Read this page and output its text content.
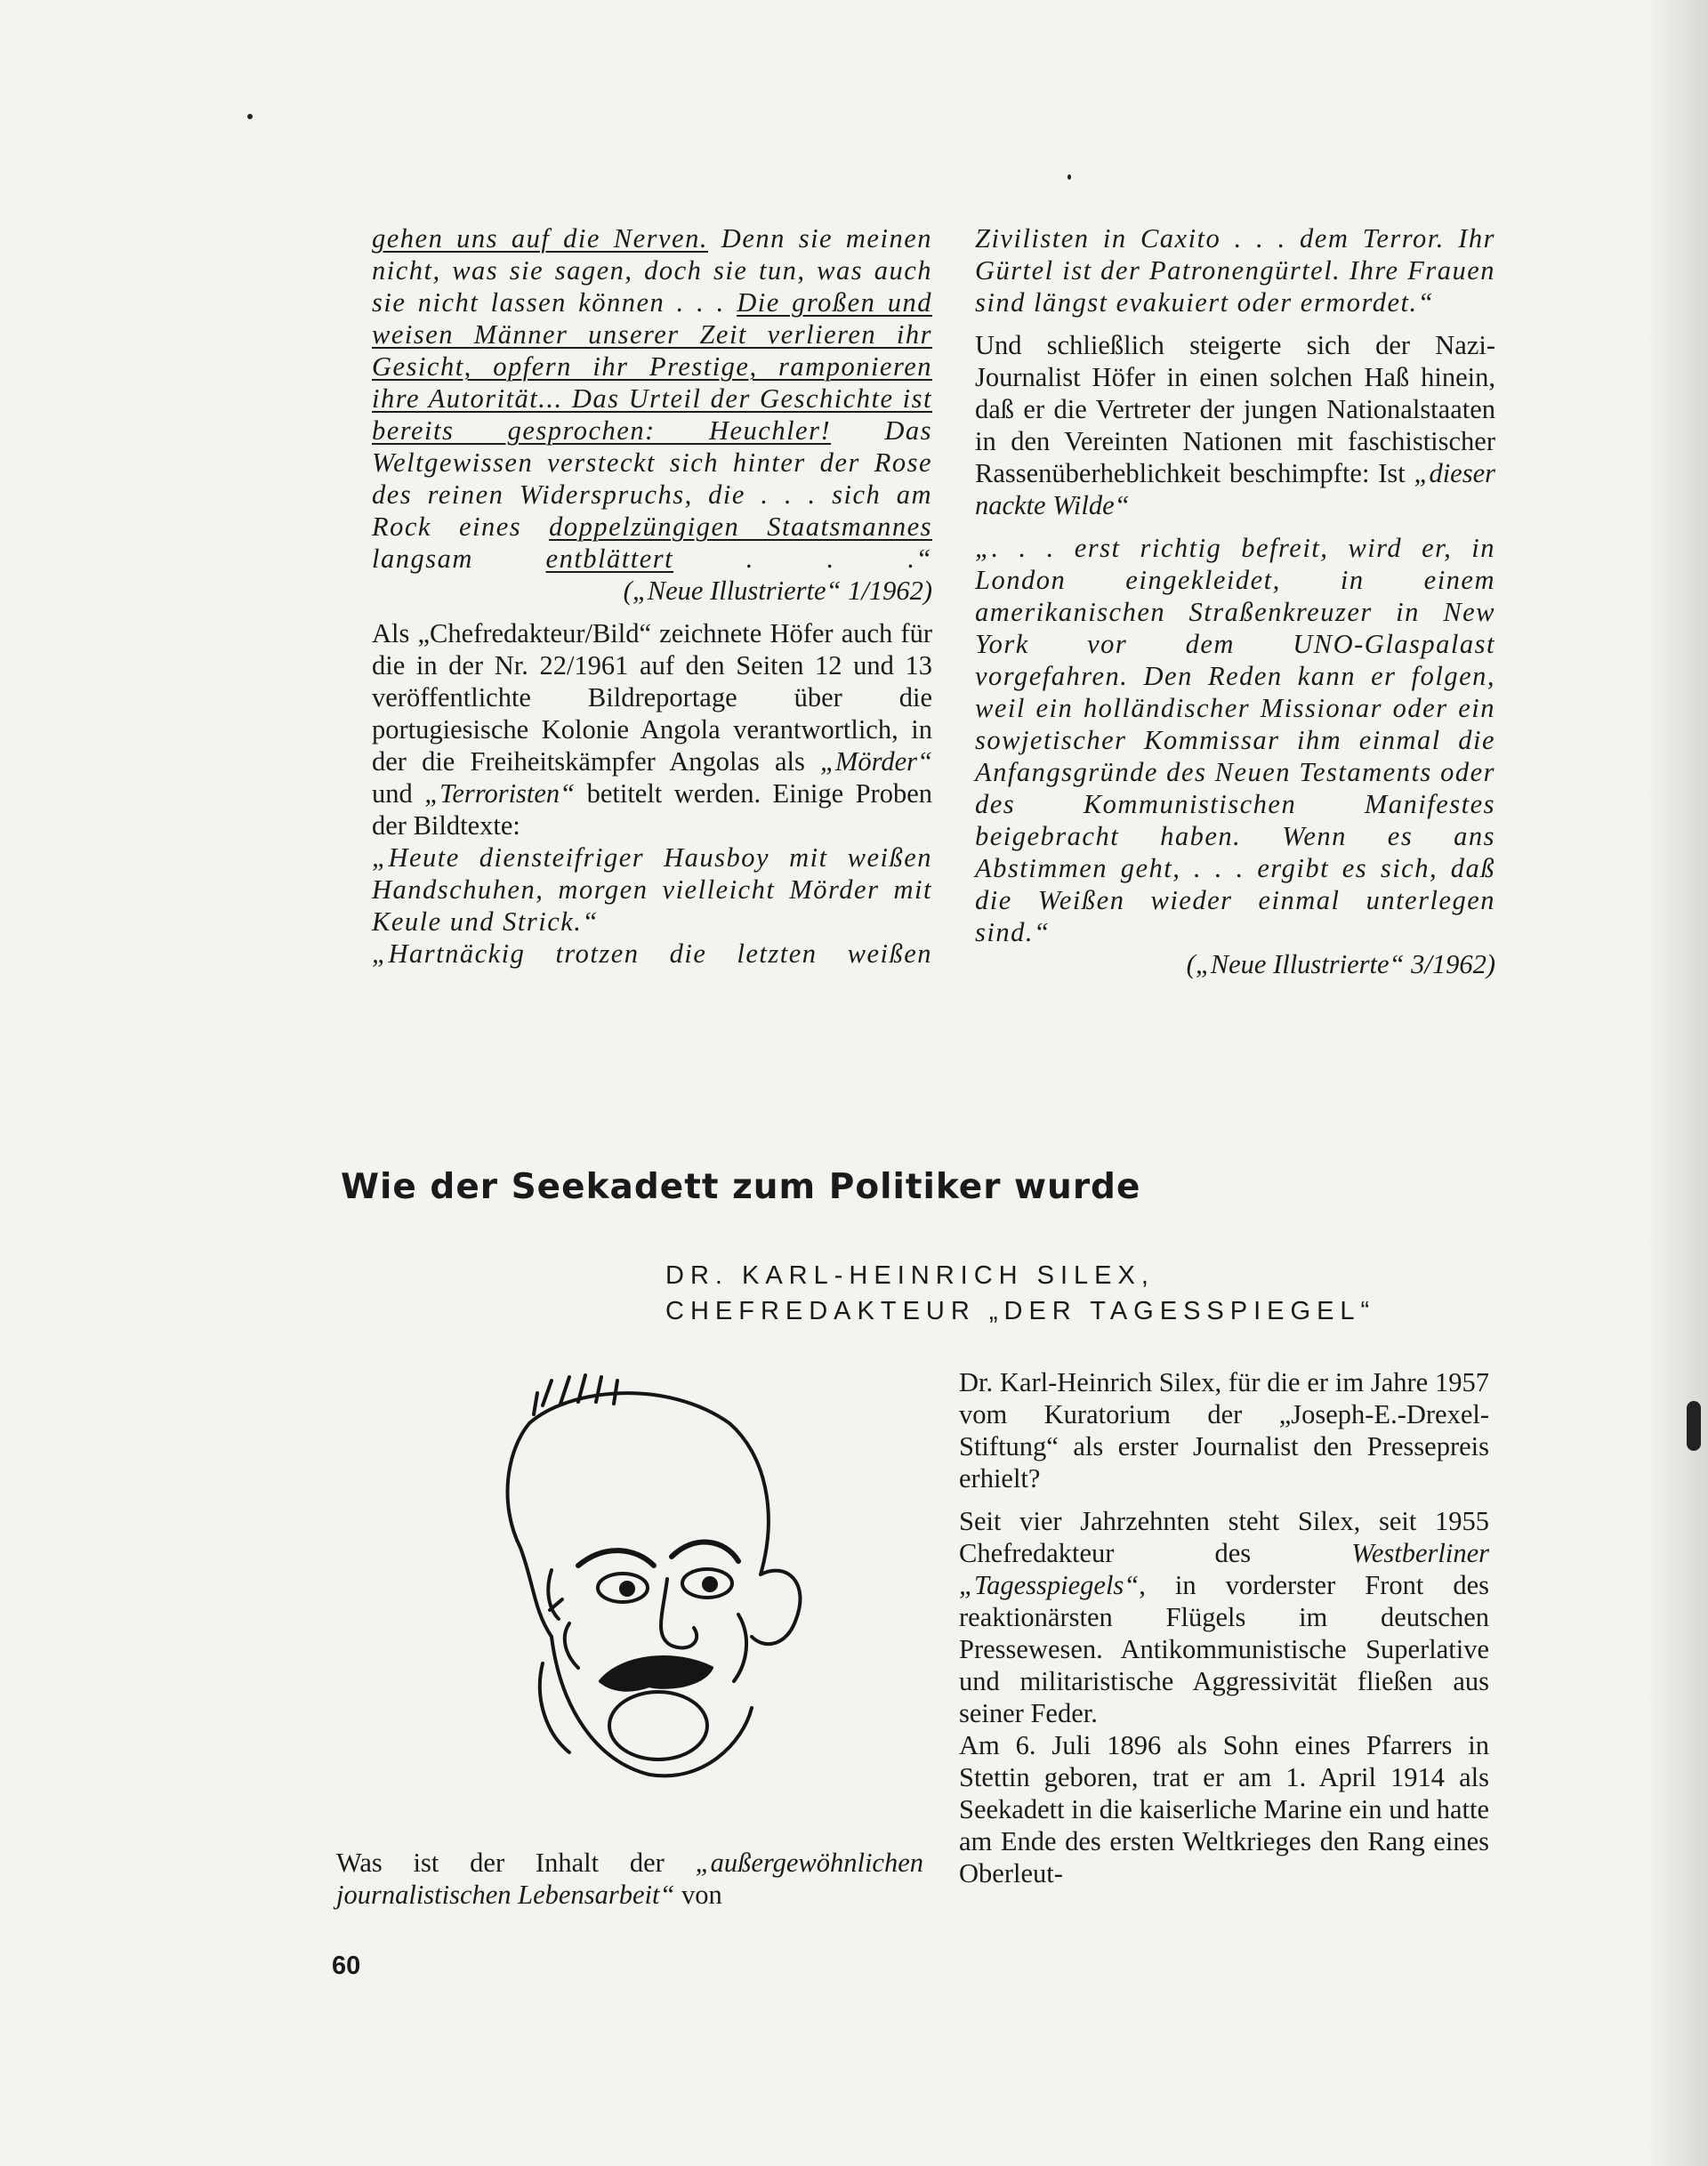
gehen uns auf die Nerven. Denn sie meinen nicht, was sie sagen, doch sie tun, was auch sie nicht lassen können . . . Die großen und weisen Männer unserer Zeit verlieren ihr Gesicht, opfern ihr Prestige, ramponieren ihre Autorität... Das Urteil der Geschichte ist bereits gesprochen: Heuchler! Das Weltgewissen versteckt sich hinter der Rose des reinen Widerspruchs, die . . . sich am Rock eines doppelzüngigen Staatsmannes langsam entblättert . . .“

(„Neue Illustrierte“ 1/1962)

Als „Chefredakteur/Bild“ zeichnete Höfer auch für die in der Nr. 22/1961 auf den Seiten 12 und 13 veröffentlichte Bildreportage über die portugiesische Kolonie Angola verantwortlich, in der die Freiheitskämpfer Angolas als „Mörder“ und „Terroristen“ betitelt werden. Einige Proben der Bildtexte:

„Heute diensteifriger Hausboy mit weißen Handschuhen, morgen vielleicht Mörder mit Keule und Strick.“

„Hartnäckig trotzen die letzten weißen

Zivilisten in Caxito . . . dem Terror. Ihr Gürtel ist der Patronengürtel. Ihre Frauen sind längst evakuiert oder ermordet.“

Und schließlich steigerte sich der Nazi-Journalist Höfer in einen solchen Haß hinein, daß er die Vertreter der jungen Nationalstaaten in den Vereinten Nationen mit faschistischer Rassenüberheblichkeit beschimpfte: Ist „dieser nackte Wilde“

„. . . erst richtig befreit, wird er, in London eingekleidet, in einem amerikanischen Straßenkreuzer in New York vor dem UNO-Glaspalast vorgefahren. Den Reden kann er folgen, weil ein holländischer Missionar oder ein sowjetischer Kommissar ihm einmal die Anfangsgründe des Neuen Testaments oder des Kommunistischen Manifestes beigebracht haben. Wenn es ans Abstimmen geht, . . . ergibt es sich, daß die Weißen wieder einmal unterlegen sind.“

(„Neue Illustrierte“ 3/1962)

Wie der Seekadett zum Politiker wurde
DR. KARL-HEINRICH SILEX,
CHEFREDAKTEUR „DER TAGESSPIEGEL“

Was ist der Inhalt der „außergewöhnlichen journalistischen Lebensarbeit“ von

Dr. Karl-Heinrich Silex, für die er im Jahre 1957 vom Kuratorium der „Joseph-E.-Drexel-Stiftung“ als erster Journalist den Pressepreis erhielt?

Seit vier Jahrzehnten steht Silex, seit 1955 Chefredakteur des Westberliner „Tagesspiegels“, in vorderster Front des reaktionärsten Flügels im deutschen Pressewesen. Antikommunistische Superlative und militaristische Aggressivität fließen aus seiner Feder.

Am 6. Juli 1896 als Sohn eines Pfarrers in Stettin geboren, trat er am 1. April 1914 als Seekadett in die kaiserliche Marine ein und hatte am Ende des ersten Weltkrieges den Rang eines Oberleut-

60
